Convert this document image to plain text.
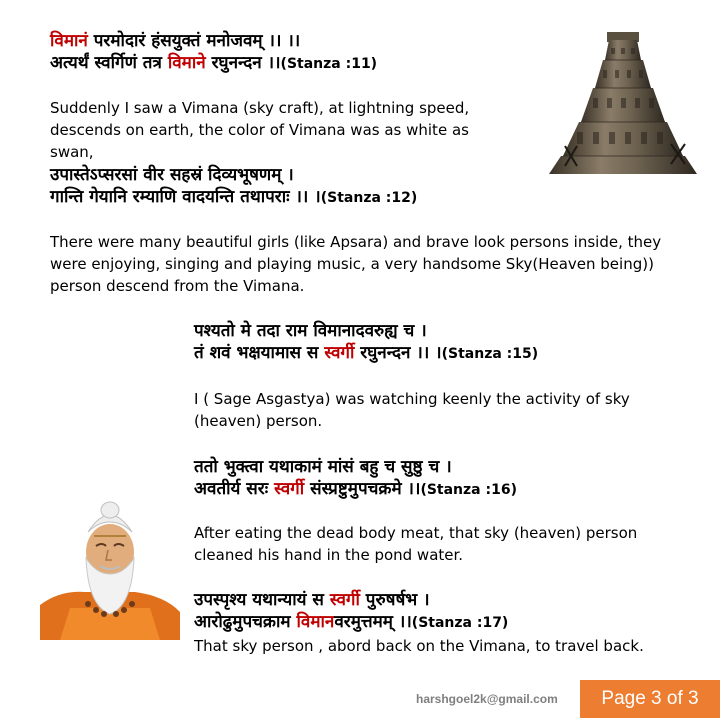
विमानं परमोदारं हंसयुक्तं मनोजवम् ।। ।।
अत्यर्थं स्वर्गिणं तत्र विमाने रघुनन्दन ।।(Stanza :11)
Suddenly I saw a Vimana (sky craft), at lightning speed, descends on earth, the color of Vimana was as white as swan,
उपास्तेऽप्सरसां वीर सहस्रं दिव्यभूषणम् ।
गान्ति गेयानि रम्याणि वादयन्ति तथापराः ।। ।(Stanza :12)
There were many beautiful girls (like Apsara) and brave look persons inside, they were enjoying, singing and playing music, a very handsome Sky(Heaven being)) person descend from the Vimana.
पश्यतो मे तदा राम विमानादवरुह्य च ।
तं शवं भक्षयामास स स्वर्गी रघुनन्दन ।। ।(Stanza :15)
I ( Sage Asgastya) was watching keenly the activity of sky (heaven) person.
ततो भुक्त्वा यथाकामं मांसं बहु च सुष्ठु च ।
अवतीर्य सरः स्वर्गी संस्प्रष्टुमुपचक्रमे ।।(Stanza :16)
After eating the dead body meat, that sky (heaven) person cleaned his hand in the pond water.
उपस्पृश्य यथान्यायं स स्वर्गी पुरुषर्षभ ।
आरोढुमुपचक्राम विमानवरमुत्तमम् ।।(Stanza :17)
That sky person , abord back on the Vimana, to travel back.
harshgoel2k@gmail.com	Page 3 of 3
